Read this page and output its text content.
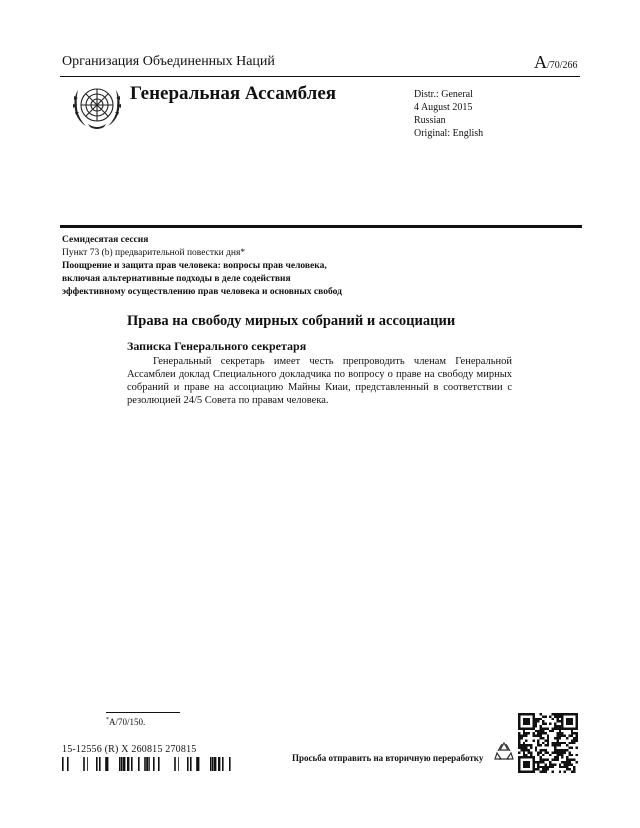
Организация Объединенных Наций	A/70/266
Генеральная Ассамблея	Distr.: General
4 August 2015
Russian
Original: English
Семидесятая сессия
Пункт 73 (b) предварительной повестки дня*
Поощрение и защита прав человека: вопросы прав человека,
включая альтернативные подходы в деле содействия
эффективному осуществлению прав человека и основных свобод
Права на свободу мирных собраний и ассоциации
Записка Генерального секретаря
Генеральный секретарь имеет честь препроводить членам Генеральной Ассамблеи доклад Специального докладчика по вопросу о праве на свободу мирных собраний и праве на ассоциацию Майны Киаи, представленный в соответствии с резолюцией 24/5 Совета по правам человека.
*A/70/150.
15-12556 (R) X 260815 270815
Просьба отправить на вторичную переработку
